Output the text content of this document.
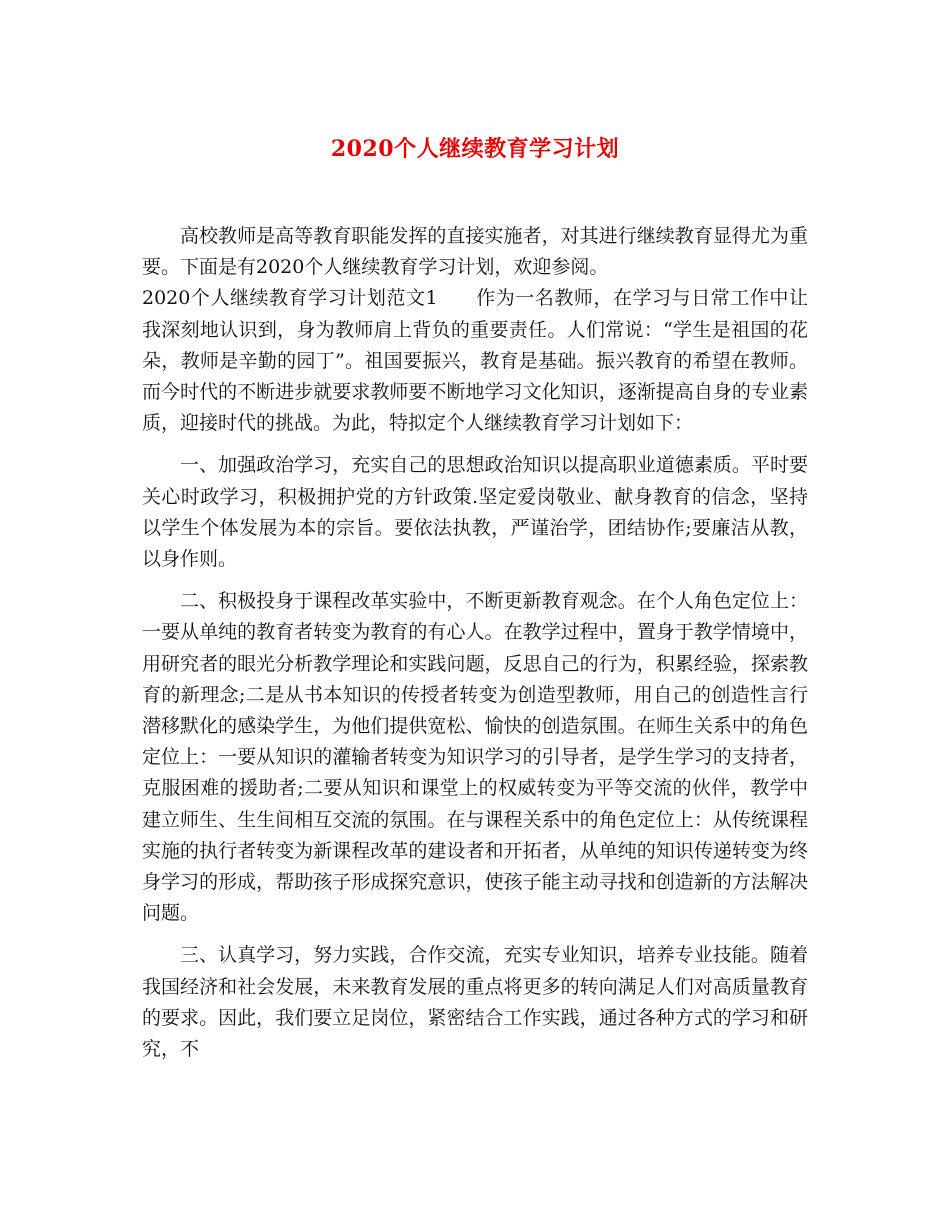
2020个人继续教育学习计划

高校教师是高等教育职能发挥的直接实施者，对其进行继续教育显得尤为重要。下面是有2020个人继续教育学习计划，欢迎参阅。

2020个人继续教育学习计划范文1 作为一名教师，在学习与日常工作中让我深刻地认识到，身为教师肩上背负的重要责任。人们常说：“学生是祖国的花朵，教师是辛勤的园丁”。祖国要振兴，教育是基础。振兴教育的希望在教师。而今时代的不断进步就要求教师要不断地学习文化知识，逐渐提高自身的专业素质，迎接时代的挑战。为此，特拟定个人继续教育学习计划如下：

一、加强政治学习，充实自己的思想政治知识以提高职业道德素质。平时要关心时政学习，积极拥护党的方针政策.坚定爱岗敬业、献身教育的信念，坚持以学生个体发展为本的宗旨。要依法执教，严谨治学，团结协作;要廉洁从教，以身作则。

二、积极投身于课程改革实验中，不断更新教育观念。在个人角色定位上：一要从单纯的教育者转变为教育的有心人。在教学过程中，置身于教学情境中，用研究者的眼光分析教学理论和实践问题，反思自己的行为，积累经验，探索教育的新理念;二是从书本知识的传授者转变为创造型教师，用自己的创造性言行潜移默化的感染学生，为他们提供宽松、愉快的创造氛围。在师生关系中的角色定位上：一要从知识的灌输者转变为知识学习的引导者，是学生学习的支持者，克服困难的援助者;二要从知识和课堂上的权威转变为平等交流的伙伴，教学中建立师生、生生间相互交流的氛围。在与课程关系中的角色定位上：从传统课程实施的执行者转变为新课程改革的建设者和开拓者，从单纯的知识传递转变为终身学习的形成，帮助孩子形成探究意识，使孩子能主动寻找和创造新的方法解决问题。

三、认真学习，努力实践，合作交流，充实专业知识，培养专业技能。随着我国经济和社会发展，未来教育发展的重点将更多的转向满足人们对高质量教育的要求。因此，我们要立足岗位，紧密结合工作实践，通过各种方式的学习和研究，不
